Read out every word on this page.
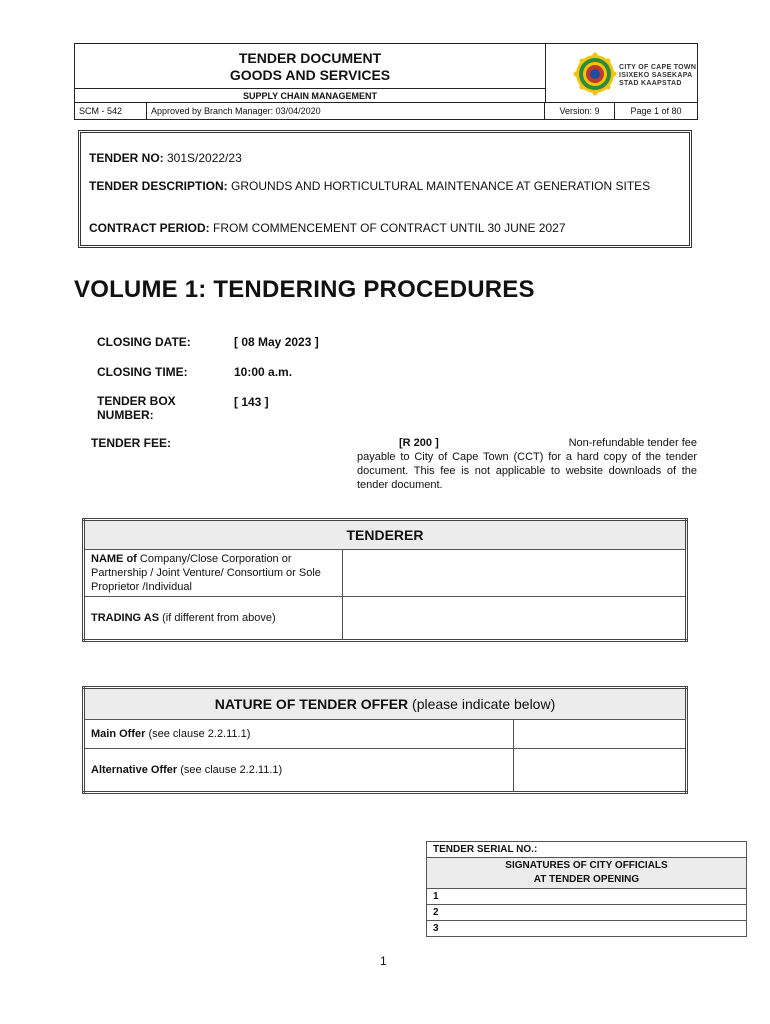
TENDER DOCUMENT
GOODS AND SERVICES
SUPPLY CHAIN MANAGEMENT
CITY OF CAPE TOWN
ISIXEKO SASEKAPA
STAD KAAPSTAD
SCM - 542	Approved by Branch Manager: 03/04/2020	Version: 9	Page 1 of 80

TENDER NO: 301S/2022/23

TENDER DESCRIPTION: GROUNDS AND HORTICULTURAL MAINTENANCE AT GENERATION SITES

CONTRACT PERIOD: FROM COMMENCEMENT OF CONTRACT UNTIL 30 JUNE 2027

VOLUME 1: TENDERING PROCEDURES
CLOSING DATE:	[ 08 May 2023 ]
CLOSING TIME:	10:00 a.m.
TENDER BOX
NUMBER:
[ 143 ]
TENDER FEE:	[R 200 ]	Non-refundable tender fee
payable to City of Cape Town (CCT) for a hard copy of the tender document. This fee is not applicable to website downloads of the tender document.
TENDERER	
NAME of Company/Close Corporation or Partnership / Joint Venture/ Consortium or Sole Proprietor /Individual	
TRADING AS (if different from above)	
NATURE OF TENDER OFFER (please indicate below)	
Main Offer (see clause 2.2.11.1)	
Alternative Offer (see clause 2.2.11.1)	
TENDER SERIAL NO.:

SIGNATURES OF CITY OFFICIALS
AT TENDER OPENING

1
2
3
1
